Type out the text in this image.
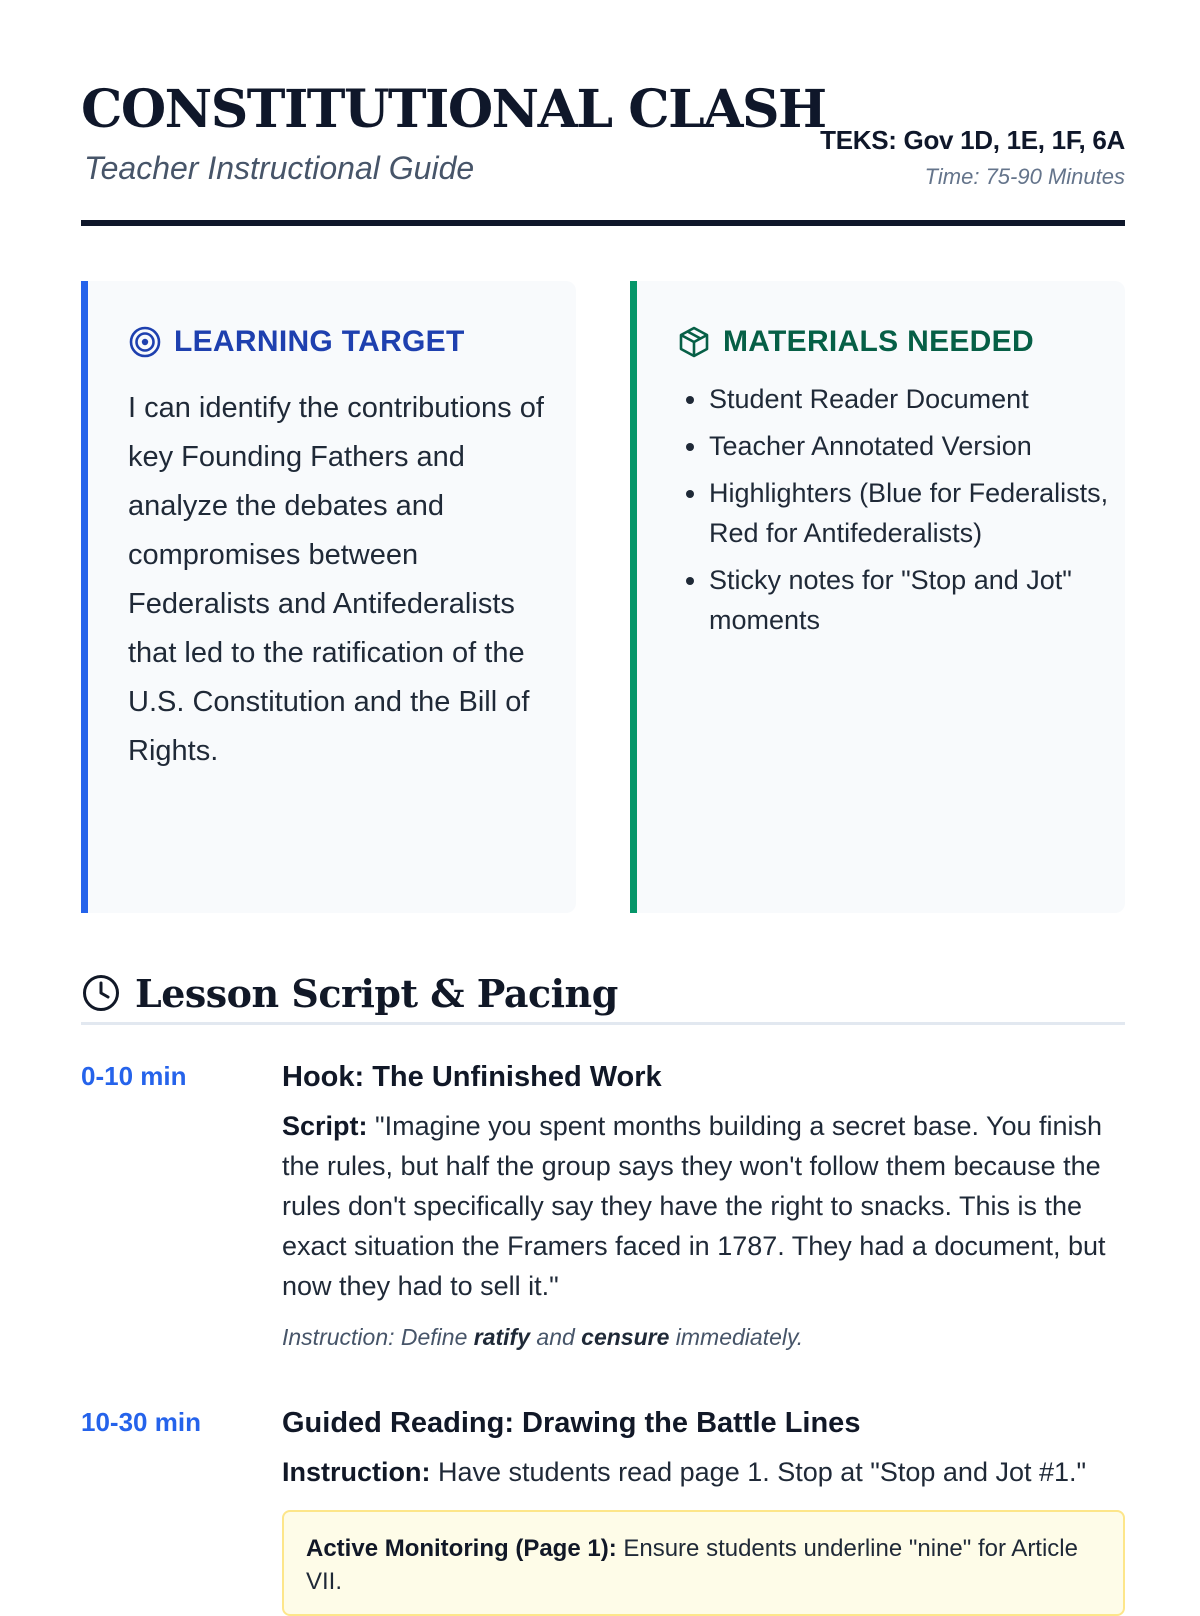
CONSTITUTIONAL CLASH
Teacher Instructional Guide
TEKS: Gov 1D, 1E, 1F, 6A
Time: 75-90 Minutes
LEARNING TARGET

I can identify the contributions of key Founding Fathers and analyze the debates and compromises between Federalists and Antifederalists that led to the ratification of the U.S. Constitution and the Bill of Rights.

MATERIALS NEEDED
• Student Reader Document
• Teacher Annotated Version
• Highlighters (Blue for Federalists, Red for Antifederalists)
• Sticky notes for "Stop and Jot" moments
Lesson Script & Pacing
0-10 min	Hook: The Unfinished Work

Script: "Imagine you spent months building a secret base. You finish the rules, but half the group says they won't follow them because the rules don't specifically say they have the right to snacks. This is the exact situation the Framers faced in 1787. They had a document, but now they had to sell it."

Instruction: Define ratify and censure immediately.
10-30 min	Guided Reading: Drawing the Battle Lines

Instruction: Have students read page 1. Stop at "Stop and Jot #1."

Active Monitoring (Page 1): Ensure students underline "nine" for Article VII.
